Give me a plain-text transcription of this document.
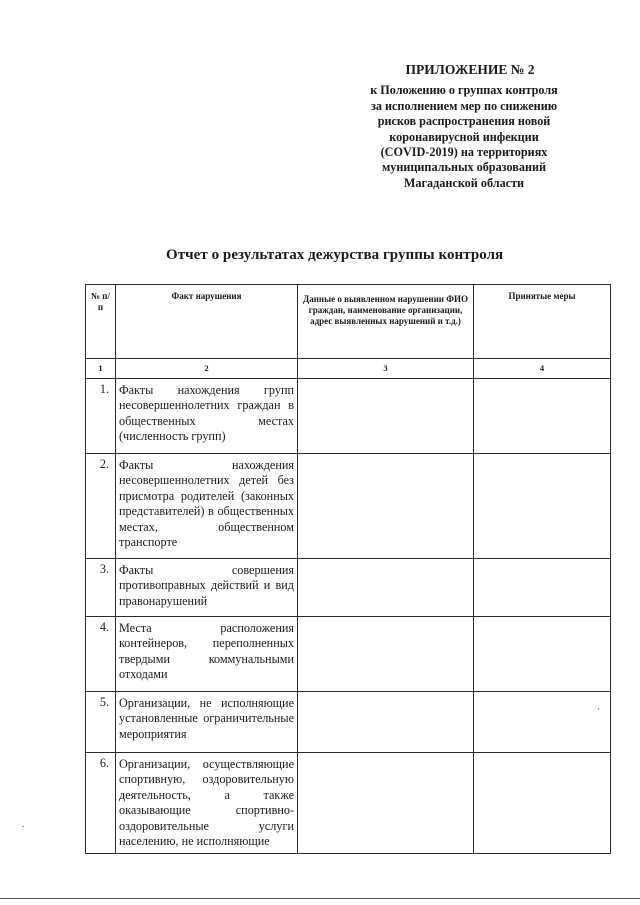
ПРИЛОЖЕНИЕ № 2
к Положению о группах контроля
за исполнением мер по снижению
рисков распространения новой
коронавирусной инфекции
(COVID-2019) на территориях
муниципальных образований
Магаданской области
Отчет о результатах дежурства группы контроля
№ п/п	Факт нарушения	Данные о выявленном нарушении ФИО граждан, наименование организации, адрес выявленных нарушений и т.д.)	Принятые меры

1	2	3	4
1.	Факты нахождения групп несовершеннолетних граждан в общественных местах (численность групп)		
2.	Факты нахождения несовершеннолетних детей без присмотра родителей (законных представителей) в общественных местах, общественном транспорте		
3.	Факты совершения противоправных действий и вид правонарушений		
4.	Места расположения контейнеров, переполненных твердыми коммунальными отходами		
5.	Организации, не исполняющие установленные ограничительные мероприятия		
6.	Организации, осуществляющие спортивную, оздоровительную деятельность, а также оказывающие спортивно-оздоровительные услуги населению, не исполняющие		
